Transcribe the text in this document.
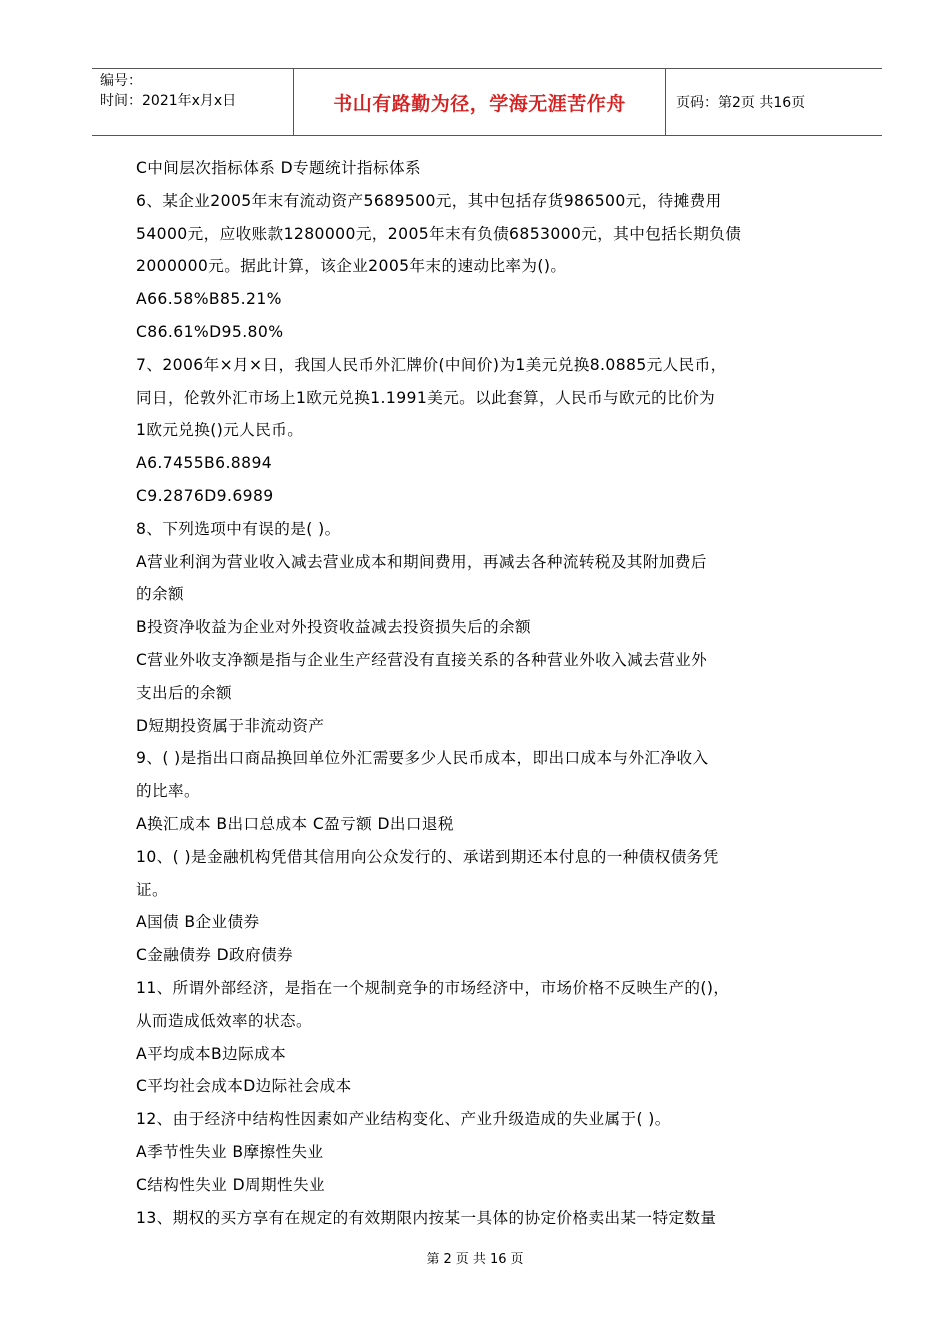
编号：
时间：2021年x月x日	书山有路勤为径，学海无涯苦作舟	页码：第2页 共16页
C中间层次指标体系 D专题统计指标体系
6、某企业2005年末有流动资产5689500元，其中包括存货986500元，待摊费用
54000元，应收账款1280000元，2005年末有负债6853000元，其中包括长期负债
2000000元。据此计算，该企业2005年末的速动比率为()。
A66.58%B85.21%
C86.61%D95.80%
7、2006年×月×日，我国人民币外汇牌价(中间价)为1美元兑换8.0885元人民币，
同日，伦敦外汇市场上1欧元兑换1.1991美元。以此套算，人民币与欧元的比价为
1欧元兑换()元人民币。
A6.7455B6.8894
C9.2876D9.6989
8、下列选项中有误的是( )。
A营业利润为营业收入减去营业成本和期间费用，再减去各种流转税及其附加费后
的余额
B投资净收益为企业对外投资收益减去投资损失后的余额
C营业外收支净额是指与企业生产经营没有直接关系的各种营业外收入减去营业外
支出后的余额
D短期投资属于非流动资产
9、( )是指出口商品换回单位外汇需要多少人民币成本，即出口成本与外汇净收入
的比率。
A换汇成本 B出口总成本 C盈亏额 D出口退税
10、( )是金融机构凭借其信用向公众发行的、承诺到期还本付息的一种债权债务凭
证。
A国债 B企业债券
C金融债券 D政府债券
11、所谓外部经济，是指在一个规制竞争的市场经济中，市场价格不反映生产的()，
从而造成低效率的状态。
A平均成本B边际成本
C平均社会成本D边际社会成本
12、由于经济中结构性因素如产业结构变化、产业升级造成的失业属于( )。
A季节性失业 B摩擦性失业
C结构性失业 D周期性失业
13、期权的买方享有在规定的有效期限内按某一具体的协定价格卖出某一特定数量
第 2 页 共 16 页
